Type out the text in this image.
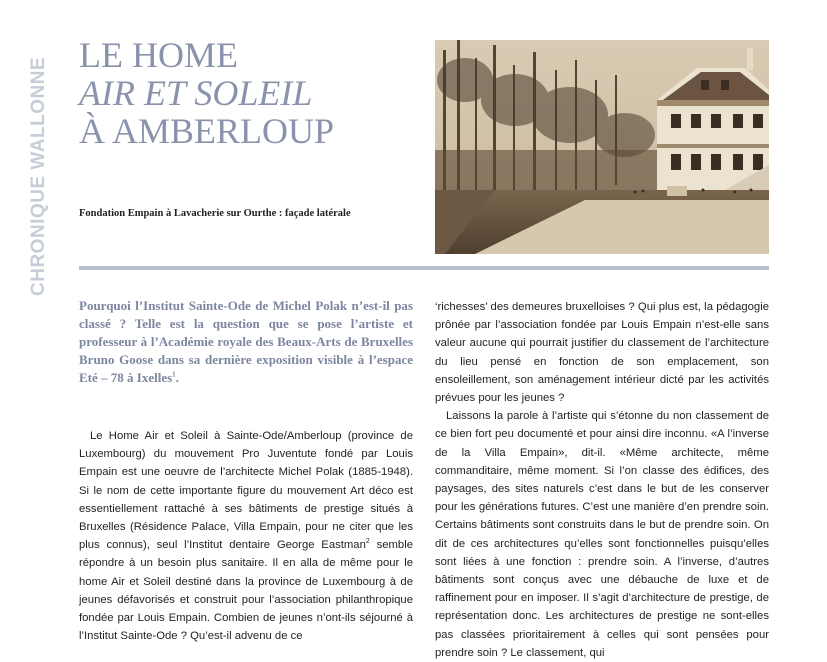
CHRONIQUE WALLONNE
LE HOME
AIR ET SOLEIL
À AMBERLOUP
Fondation Empain à Lavacherie sur Ourthe : façade latérale

Pourquoi l’Institut Sainte-Ode de Michel Polak n’est-il pas classé ? Telle est la question que se pose l’artiste et professeur à l’Académie royale des Beaux-Arts de Bruxelles Bruno Goose dans sa dernière exposition visible à l’espace Eté – 78 à Ixelles$^1$.

Le Home Air et Soleil à Sainte-Ode/Amberloup (province de Luxembourg) du mouvement Pro Juventute fondé par Louis Empain est une oeuvre de l’architecte Michel Polak (1885-1948). Si le nom de cette importante figure du mouvement Art déco est essentiellement rattaché à ses bâtiments de prestige situés à Bruxelles (Résidence Palace, Villa Empain, pour ne citer que les plus connus), seul l’Institut dentaire George Eastman$^2$ semble répondre à un besoin plus sanitaire. Il en alla de même pour le home Air et Soleil destiné dans la province de Luxembourg à de jeunes défavorisés et construit pour l’association philanthropique fondée par Louis Empain. Combien de jeunes n’ont-ils séjourné à l’Institut Sainte-Ode ? Qu’est-il advenu de ce

‘richesses’ des demeures bruxelloises ? Qui plus est, la pédagogie prônée par l’association fondée par Louis Empain n’est-elle sans valeur aucune qui pourrait justifier du classement de l’architecture du lieu pensé en fonction de son emplacement, son ensoleillement, son aménagement intérieur dicté par les activités prévues pour les jeunes ?

Laissons la parole à l’artiste qui s’étonne du non classement de ce bien fort peu documenté et pour ainsi dire inconnu. «A l’inverse de la Villa Empain», dit-il. «Même architecte, même commanditaire, même moment. Si l’on classe des édifices, des paysages, des sites naturels c’est dans le but de les conserver pour les générations futures. C’est une manière d’en prendre soin. Certains bâtiments sont construits dans le but de prendre soin. On dit de ces architectures qu’elles sont fonctionnelles puisqu’elles sont liées à une fonction : prendre soin. A l’inverse, d’autres bâtiments sont conçus avec une débauche de luxe et de raffinement pour en imposer. Il s’agit d’architecture de prestige, de représentation donc. Les architectures de prestige ne sont-elles pas classées prioritairement à celles qui sont pensées pour prendre soin ? Le classement, qui
